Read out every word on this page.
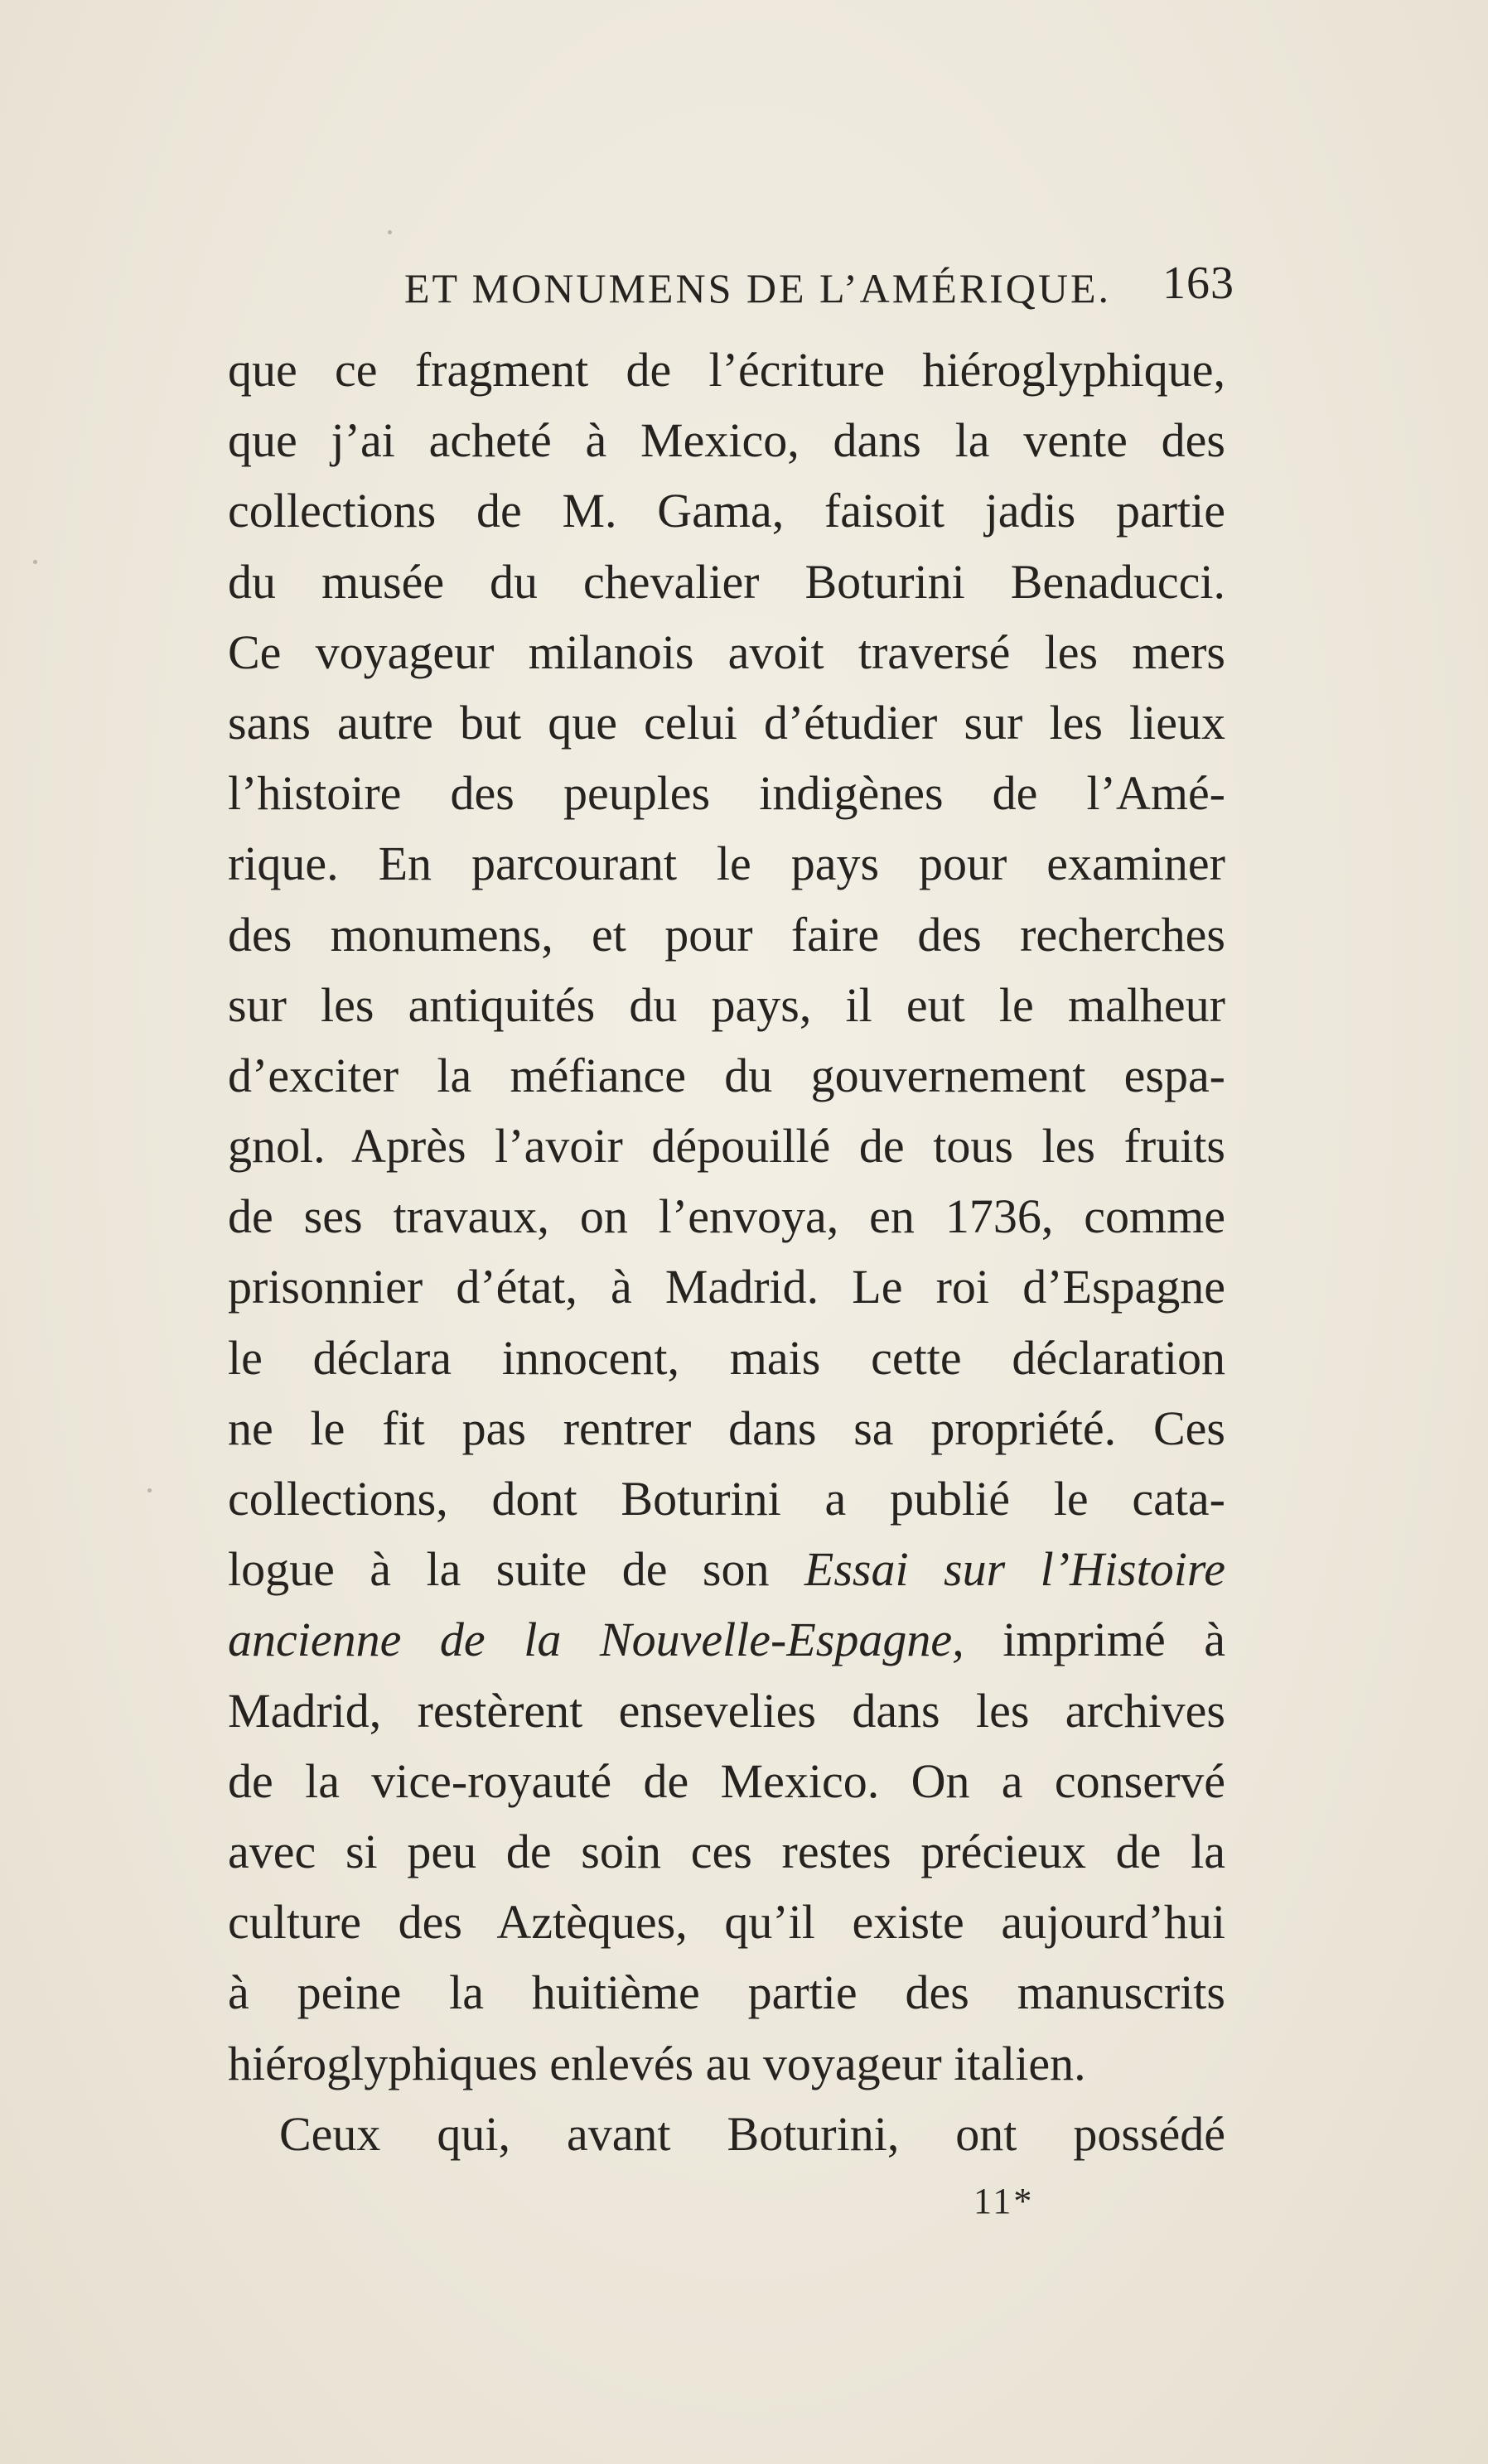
ET MONUMENS DE L’AMÉRIQUE. 163
que ce fragment de l’écriture hiéroglyphique,
que j’ai acheté à Mexico, dans la vente des
collections de M. Gama, faisoit jadis partie
du musée du chevalier Boturini Benaducci.
Ce voyageur milanois avoit traversé les mers
sans autre but que celui d’étudier sur les lieux
l’histoire des peuples indigènes de l’Amé-
rique. En parcourant le pays pour examiner
des monumens, et pour faire des recherches
sur les antiquités du pays, il eut le malheur
d’exciter la méfiance du gouvernement espa-
gnol. Après l’avoir dépouillé de tous les fruits
de ses travaux, on l’envoya, en 1736, comme
prisonnier d’état, à Madrid. Le roi d’Espagne
le déclara innocent, mais cette déclaration
ne le fit pas rentrer dans sa propriété. Ces
collections, dont Boturini a publié le cata-
logue à la suite de son Essai sur l’Histoire
ancienne de la Nouvelle-Espagne, imprimé à
Madrid, restèrent ensevelies dans les archives
de la vice-royauté de Mexico. On a conservé
avec si peu de soin ces restes précieux de la
culture des Aztèques, qu’il existe aujourd’hui
à peine la huitième partie des manuscrits
hiéroglyphiques enlevés au voyageur italien.
Ceux qui, avant Boturini, ont possédé
11*
